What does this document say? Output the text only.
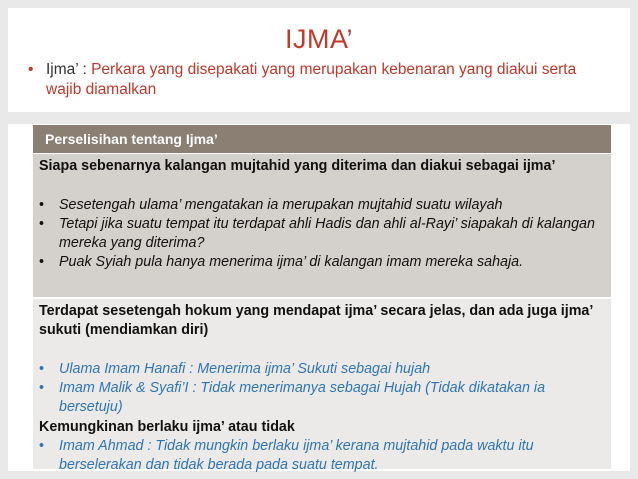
IJMA’
• Ijma’ : Perkara yang disepakati yang merupakan kebenaran yang diakui serta wajib diamalkan
Perselisihan tentang Ijma’
Siapa sebenarnya kalangan mujtahid yang diterima dan diakui sebagai ijma’
• Sesetengah ulama’ mengatakan ia merupakan mujtahid suatu wilayah
• Tetapi jika suatu tempat itu terdapat ahli Hadis dan ahli al-Rayi’ siapakah di kalangan mereka yang diterima?
• Puak Syiah pula hanya menerima ijma’ di kalangan imam mereka sahaja.
Terdapat sesetengah hokum yang mendapat ijma’ secara jelas, dan ada juga ijma’ sukuti (mendiamkan diri)
• Ulama Imam Hanafi : Menerima ijma’ Sukuti sebagai hujah
• Imam Malik & Syafi’I : Tidak menerimanya sebagai Hujah (Tidak dikatakan ia bersetuju)
Kemungkinan berlaku ijma’ atau tidak
• Imam Ahmad : Tidak mungkin berlaku ijma’ kerana mujtahid pada waktu itu berselerakan dan tidak berada pada suatu tempat.
